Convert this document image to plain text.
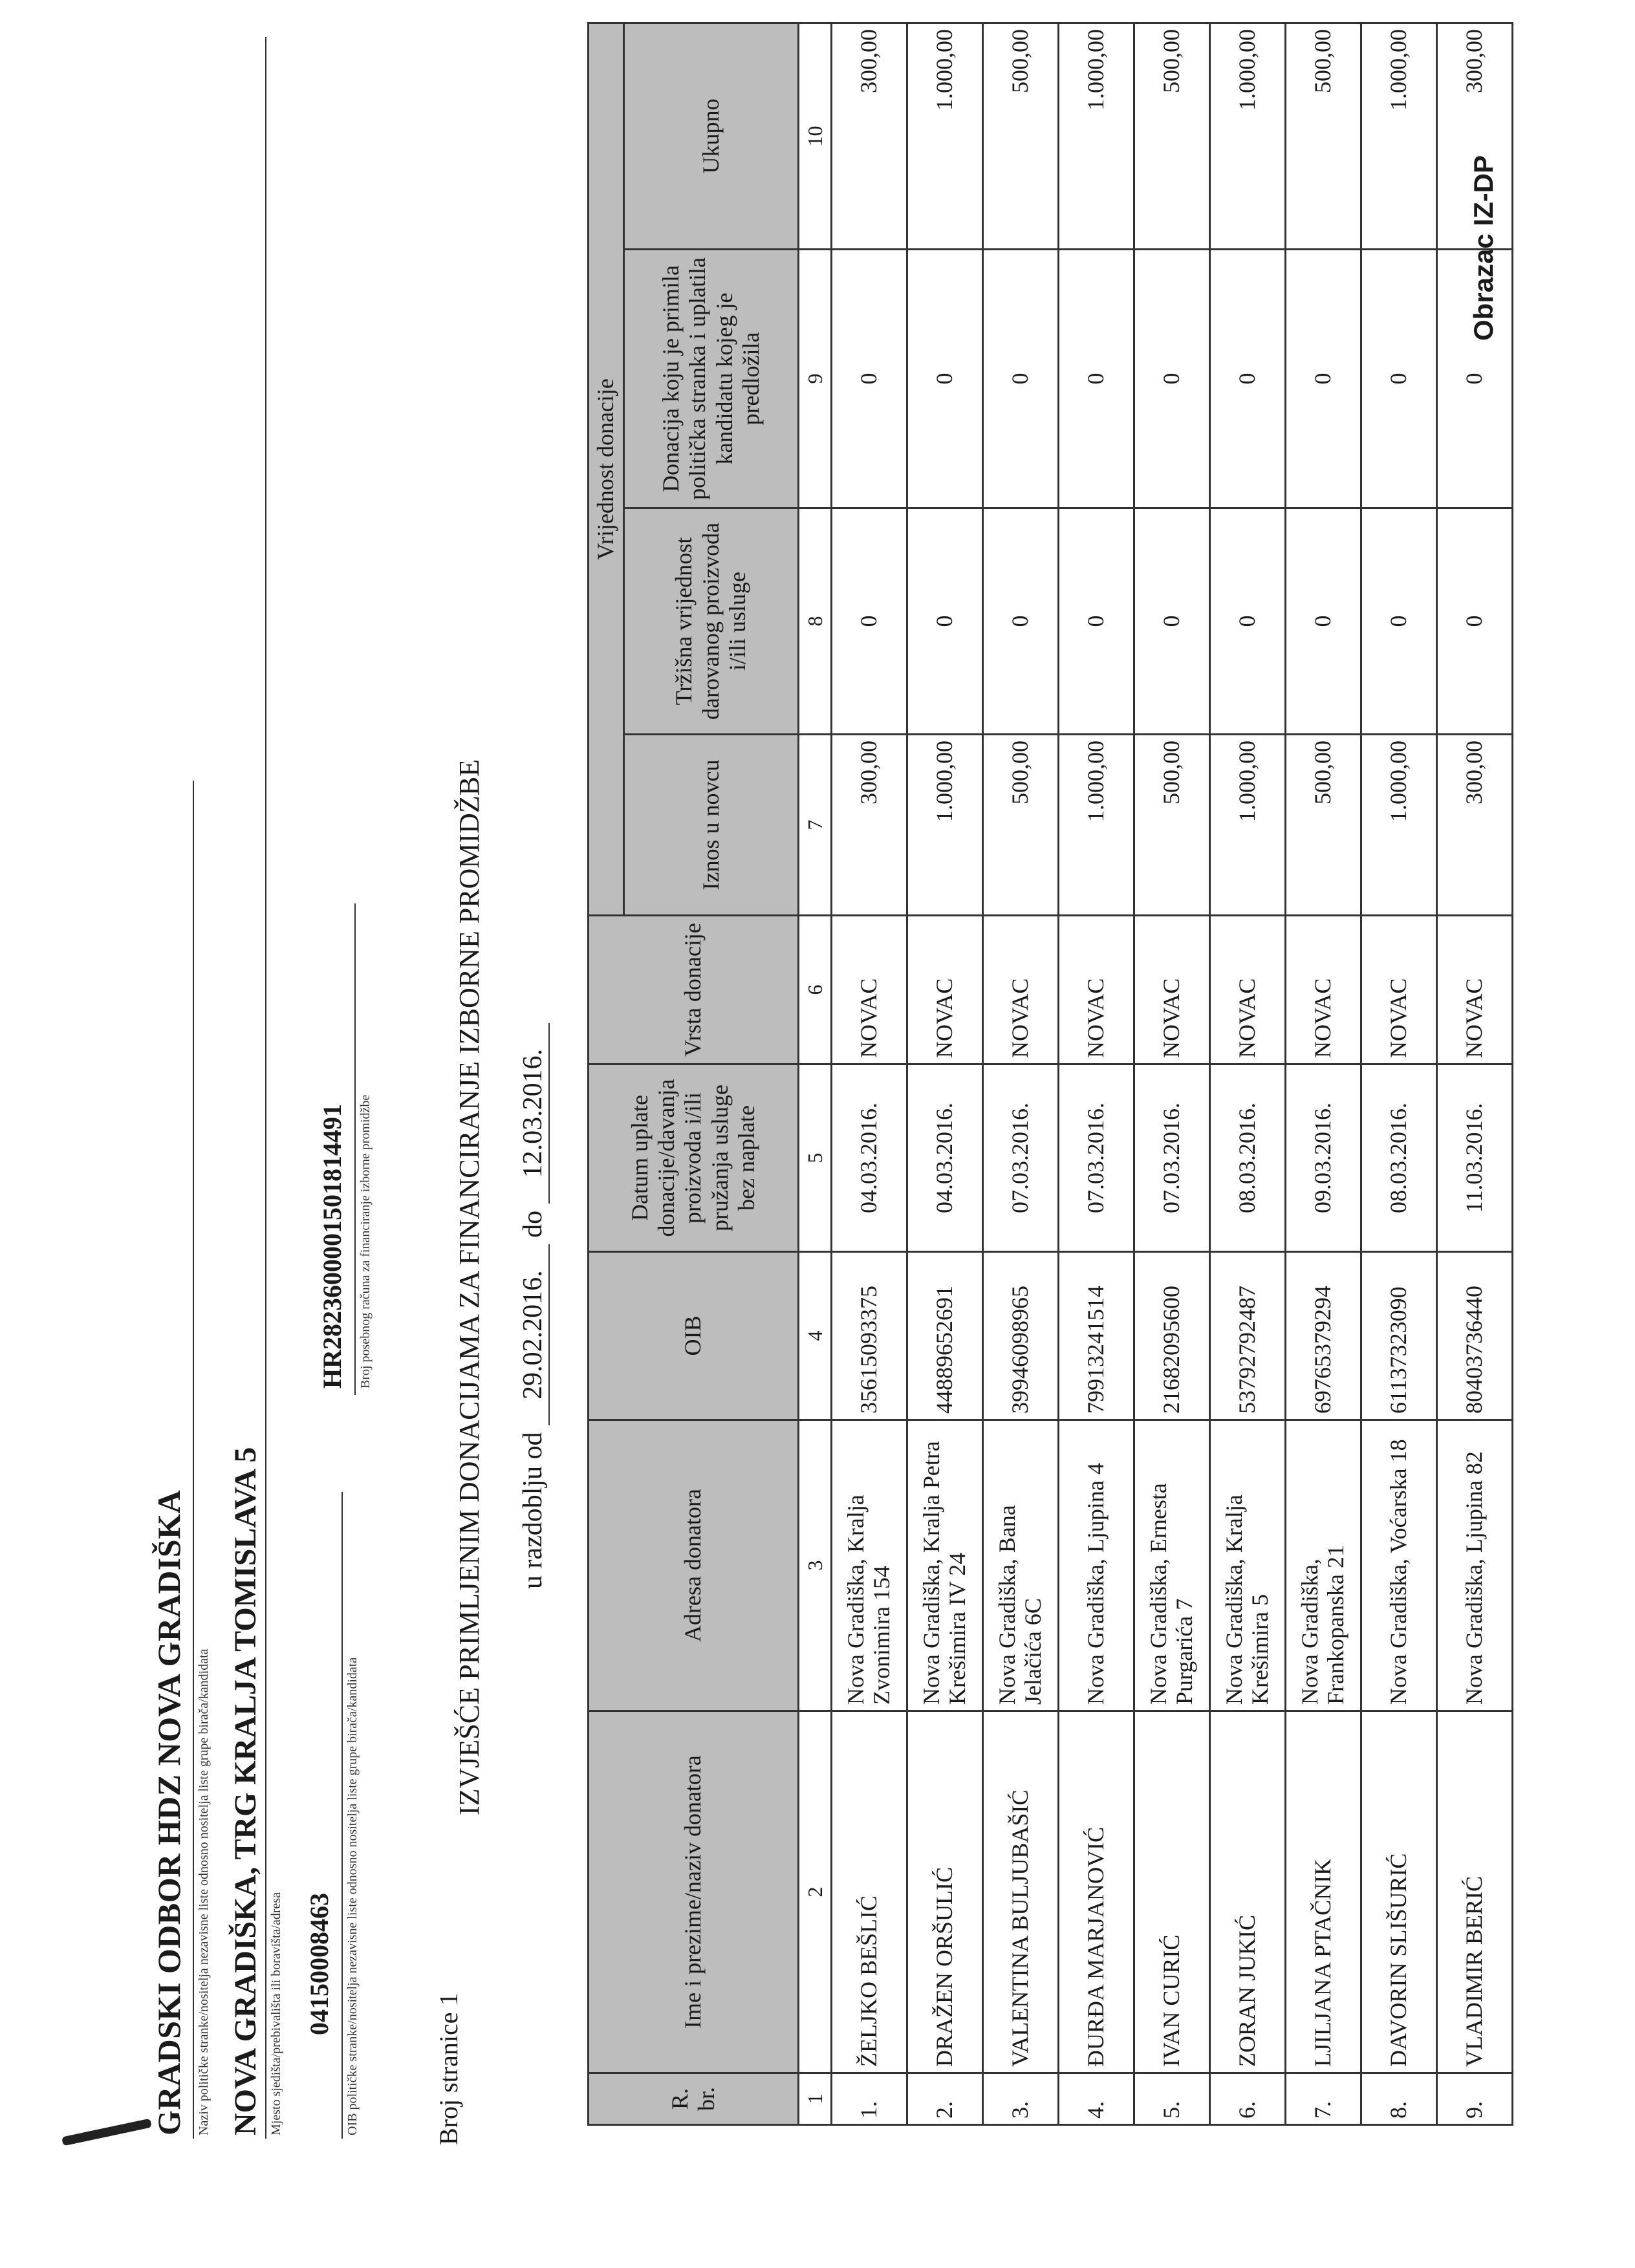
Obrazac IZ-DP
GRADSKI ODBOR HDZ NOVA GRADIŠKA Naziv političke stranke/nositelja nezavisne liste odnosno nositelja liste grupe birača/kandidata NOVA GRADIŠKA, TRG KRALJA TOMISLAVA 5 Mjesto sjedišta/prebivališta ili boravišta/adresa 04150008463 OIB političke stranke/nositelja nezavisne liste odnosno nositelja liste grupe birača/kandidata
HR2823600001501814491 Broj posebnog računa za financiranje izborne promidžbe
Broj stranice 1
IZVJEŠĆE PRIMLJENIM DONACIJAMA ZA FINANCIRANJE IZBORNE PROMIDŽBE u razdoblju od 29.02.2016. do 12.03.2016.
R. br.	Ime i prezime/naziv donatora	Adresa donatora	OIB	Datum uplate donacije/davanja proizvoda i/ili pružanja usluge bez naplate	Vrsta donacije	Vrijednost donacije			
						Iznos u novcu	Tržišna vrijednost darovanog proizvoda i/ili usluge	Donacija koju je primila politička stranka i uplatila kandidatu kojeg je predložila	Ukupno
1	2	3	4	5	6	7	8	9	10
1.	ŽELJKO BEŠLIĆ	Nova Gradiška, Kralja Zvonimira 154	35615093375	04.03.2016.	NOVAC	300,00	0	0	300,00
2.	DRAŽEN ORŠULIĆ	Nova Gradiška, Kralja Petra Krešimira IV 24	44889652691	04.03.2016.	NOVAC	1.000,00	0	0	1.000,00
3.	VALENTINA BULJUBAŠIĆ	Nova Gradiška, Bana Jelačića 6C	39946098965	07.03.2016.	NOVAC	500,00	0	0	500,00
4.	ĐURĐA MARJANOVIĆ	Nova Gradiška, Ljupina 4	79913241514	07.03.2016.	NOVAC	1.000,00	0	0	1.000,00
5.	IVAN CURIĆ	Nova Gradiška, Ernesta Purgarića 7	21682095600	07.03.2016.	NOVAC	500,00	0	0	500,00
6.	ZORAN JUKIĆ	Nova Gradiška, Kralja Krešimira 5	53792792487	08.03.2016.	NOVAC	1.000,00	0	0	1.000,00
7.	LJILJANA PTAČNIK	Nova Gradiška, Frankopanska 21	69765379294	09.03.2016.	NOVAC	500,00	0	0	500,00
8.	DAVORIN SLIŠURIĆ	Nova Gradiška, Voćarska 18	61137323090	08.03.2016.	NOVAC	1.000,00	0	0	1.000,00
9.	VLADIMIR BERIĆ	Nova Gradiška, Ljupina 82	80403736440	11.03.2016.	NOVAC	300,00	0	0	300,00
